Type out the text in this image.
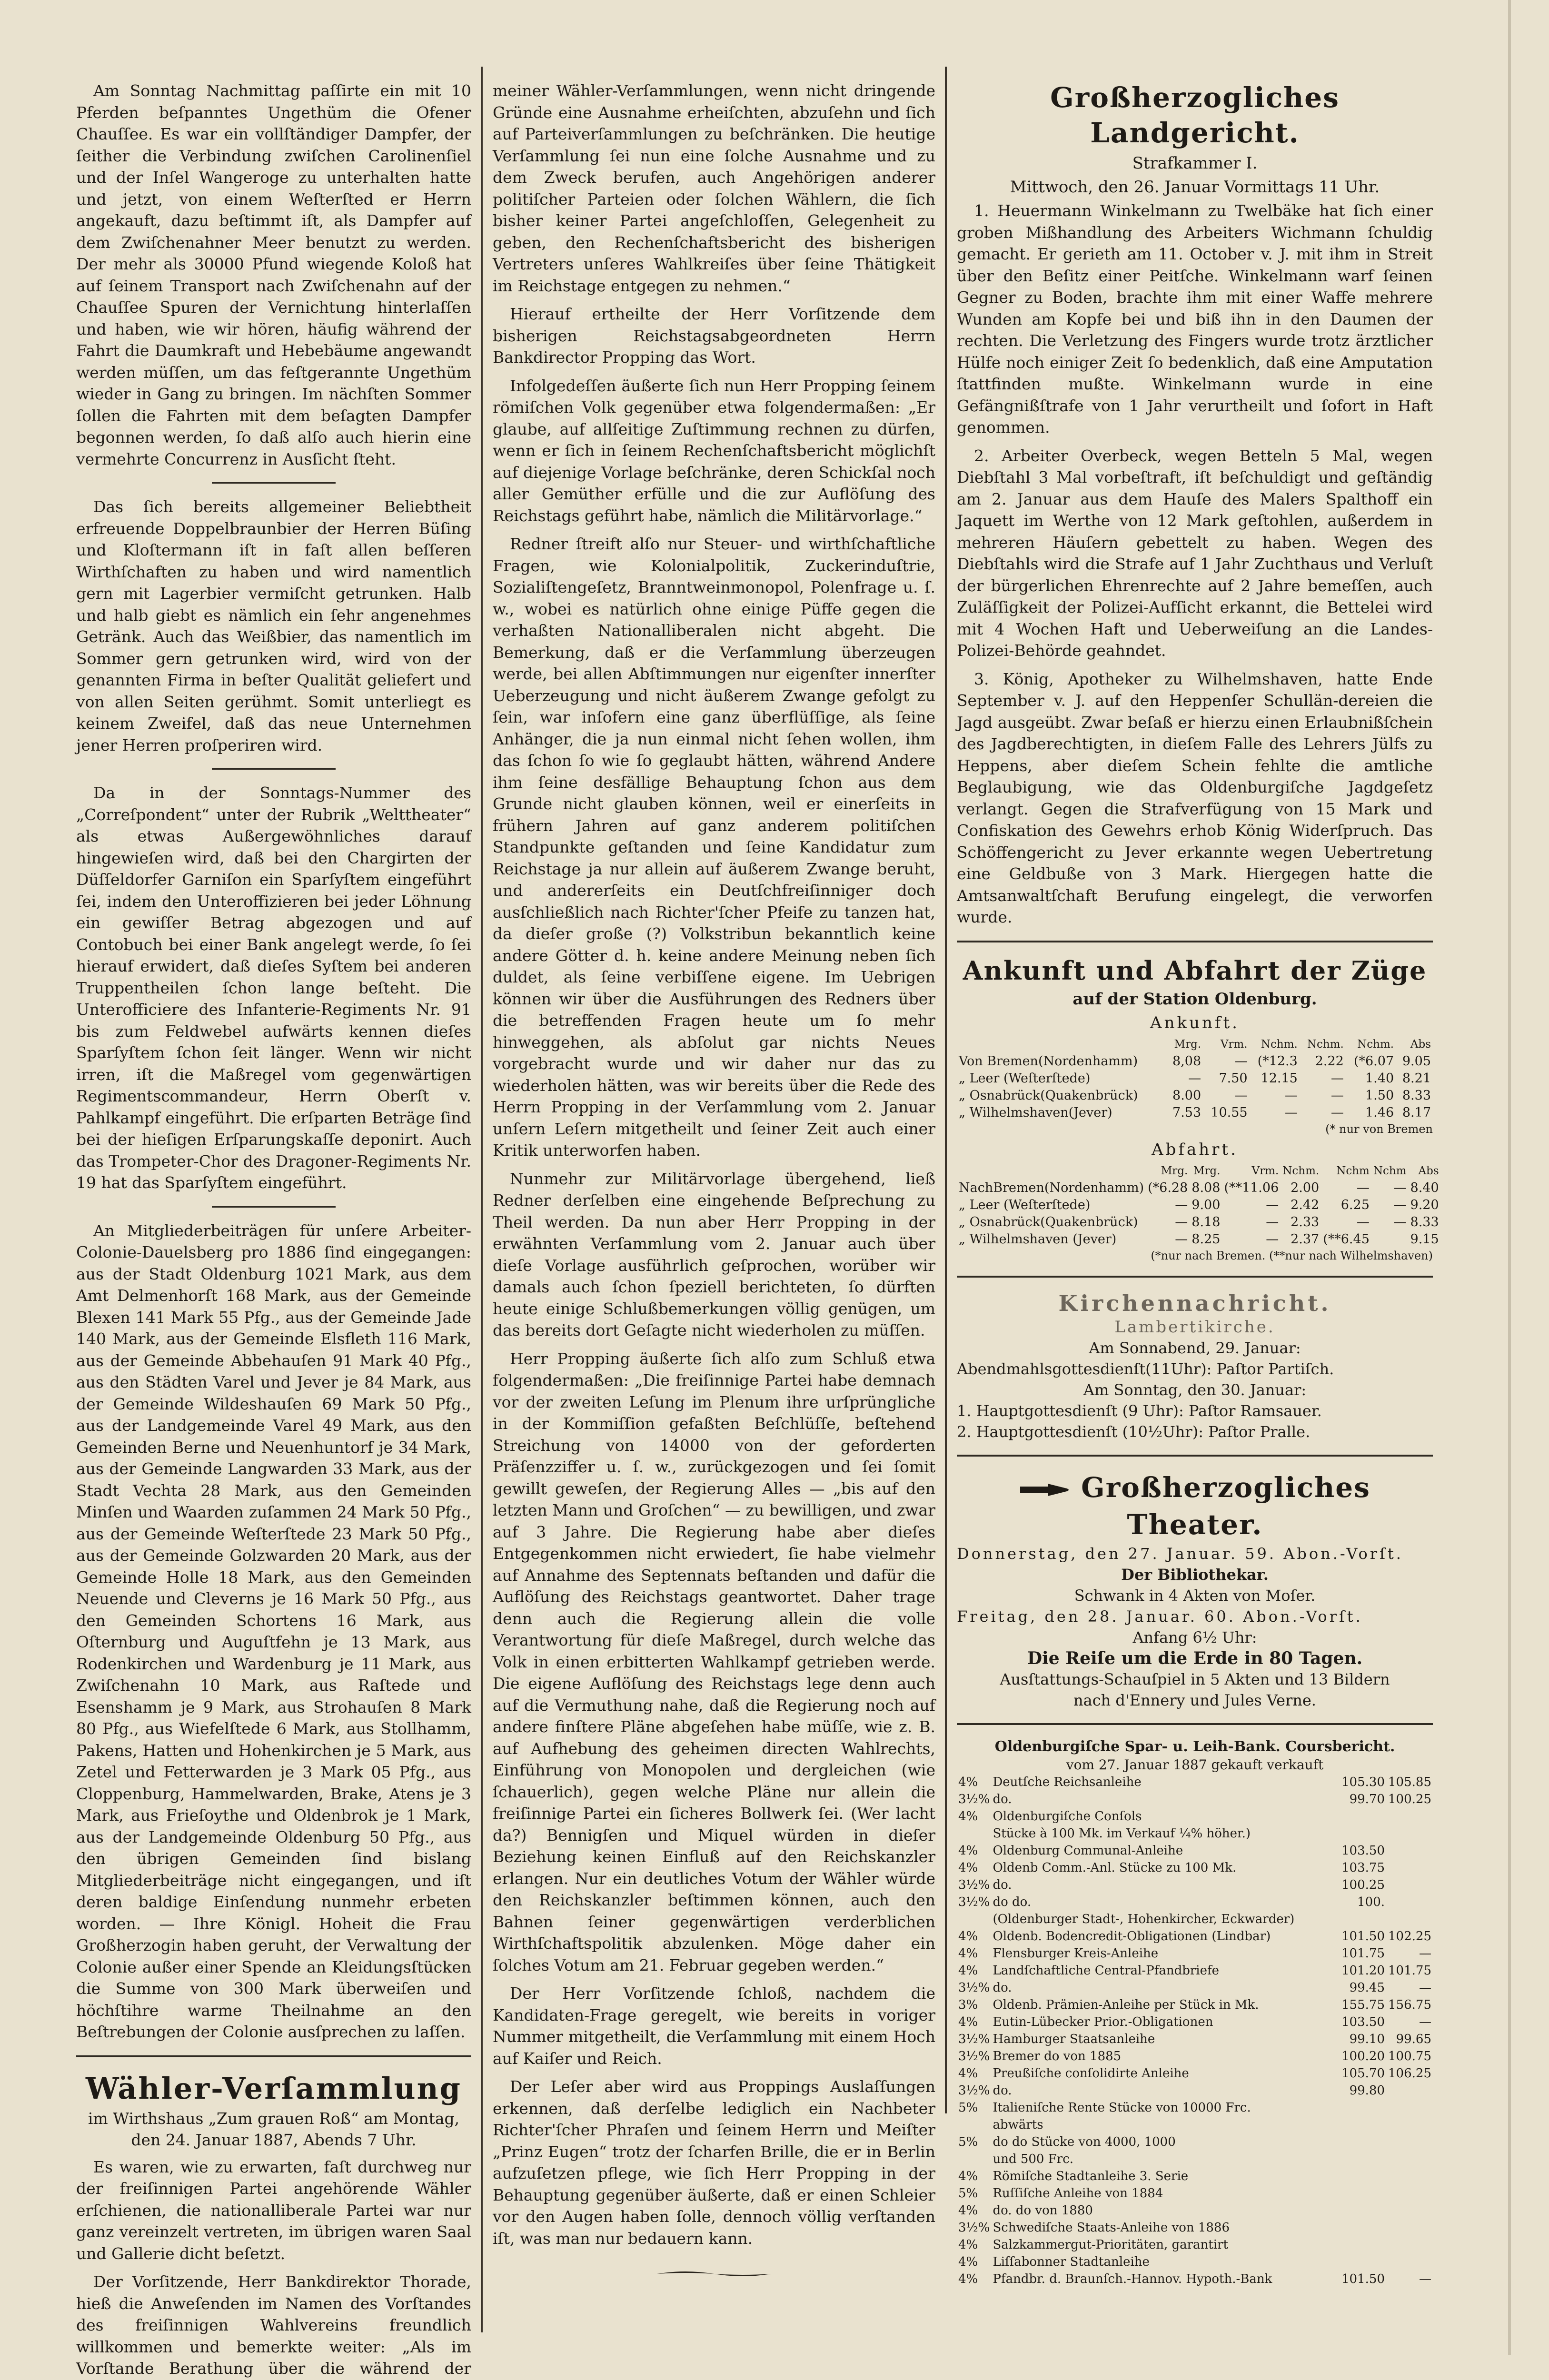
Am Sonntag Nachmittag paſſirte ein mit 10 Pferden beſpanntes Ungethüm die Ofener Chauſſee. Es war ein vollſtändiger Dampfer, der ſeither die Verbindung zwiſchen Carolinenſiel und der Inſel Wangeroge zu unterhalten hatte und jetzt, von einem Weſterſted er Herrn angekauft, dazu beſtimmt iſt, als Dampfer auf dem Zwiſchenahner Meer benutzt zu werden. Der mehr als 30000 Pfund wiegende Koloß hat auf ſeinem Transport nach Zwiſchenahn auf der Chauſſee Spuren der Vernichtung hinterlaſſen und haben, wie wir hören, häufig während der Fahrt die Daumkraft und Hebebäume angewandt werden müſſen, um das feſtgerannte Ungethüm wieder in Gang zu bringen. Im nächſten Sommer ſollen die Fahrten mit dem beſagten Dampfer begonnen werden, ſo daß alſo auch hierin eine vermehrte Concurrenz in Ausſicht ſteht.

Das ſich bereits allgemeiner Beliebtheit erfreuende Doppelbraunbier der Herren Büſing und Kloſtermann iſt in faſt allen beſſeren Wirthſchaften zu haben und wird namentlich gern mit Lagerbier vermiſcht getrunken. Halb und halb giebt es nämlich ein ſehr angenehmes Getränk. Auch das Weißbier, das namentlich im Sommer gern getrunken wird, wird von der genannten Firma in beſter Qualität geliefert und von allen Seiten gerühmt. Somit unterliegt es keinem Zweifel, daß das neue Unternehmen jener Herren proſperiren wird.

Da in der Sonntags-Nummer des „Correſpondent“ unter der Rubrik „Welttheater“ als etwas Außergewöhnliches darauf hingewieſen wird, daß bei den Chargirten der Düſſeldorfer Garniſon ein Sparſyſtem eingeführt ſei, indem den Unteroffizieren bei jeder Löhnung ein gewiſſer Betrag abgezogen und auf Contobuch bei einer Bank angelegt werde, ſo ſei hierauf erwidert, daß dieſes Syſtem bei anderen Truppentheilen ſchon lange beſteht. Die Unterofficiere des Infanterie-Regiments Nr. 91 bis zum Feldwebel aufwärts kennen dieſes Sparſyſtem ſchon ſeit länger. Wenn wir nicht irren, iſt die Maßregel vom gegenwärtigen Regimentscommandeur, Herrn Oberſt v. Pahlkampf eingeführt. Die erſparten Beträge ſind bei der hieſigen Erſparungskaſſe deponirt. Auch das Trompeter-Chor des Dragoner-Regiments Nr. 19 hat das Sparſyſtem eingeführt.

An Mitgliederbeiträgen für unſere Arbeiter-Colonie-Dauelsberg pro 1886 ſind eingegangen: aus der Stadt Oldenburg 1021 Mark, aus dem Amt Delmenhorſt 168 Mark, aus der Gemeinde Blexen 141 Mark 55 Pfg., aus der Gemeinde Jade 140 Mark, aus der Gemeinde Elsfleth 116 Mark, aus der Gemeinde Abbehauſen 91 Mark 40 Pfg., aus den Städten Varel und Jever je 84 Mark, aus der Gemeinde Wildeshauſen 69 Mark 50 Pfg., aus der Landgemeinde Varel 49 Mark, aus den Gemeinden Berne und Neuenhuntorf je 34 Mark, aus der Gemeinde Langwarden 33 Mark, aus der Stadt Vechta 28 Mark, aus den Gemeinden Minſen und Waarden zuſammen 24 Mark 50 Pfg., aus der Gemeinde Weſterſtede 23 Mark 50 Pfg., aus der Gemeinde Golzwarden 20 Mark, aus der Gemeinde Holle 18 Mark, aus den Gemeinden Neuende und Cleverns je 16 Mark 50 Pfg., aus den Gemeinden Schortens 16 Mark, aus Oſternburg und Auguſtfehn je 13 Mark, aus Rodenkirchen und Wardenburg je 11 Mark, aus Zwiſchenahn 10 Mark, aus Raſtede und Esenshamm je 9 Mark, aus Strohauſen 8 Mark 80 Pfg., aus Wiefelſtede 6 Mark, aus Stollhamm, Pakens, Hatten und Hohenkirchen je 5 Mark, aus Zetel und Fetterwarden je 3 Mark 05 Pfg., aus Cloppenburg, Hammelwarden, Brake, Atens je 3 Mark, aus Frieſoythe und Oldenbrok je 1 Mark, aus der Landgemeinde Oldenburg 50 Pfg., aus den übrigen Gemeinden ſind bislang Mitgliederbeiträge nicht eingegangen, und iſt deren baldige Einſendung nunmehr erbeten worden. — Ihre Königl. Hoheit die Frau Großherzogin haben geruht, der Verwaltung der Colonie außer einer Spende an Kleidungsſtücken die Summe von 300 Mark überweiſen und höchſtihre warme Theilnahme an den Beſtrebungen der Colonie ausſprechen zu laſſen.

Wähler-Verſammlung
im Wirthshaus „Zum grauen Roß“ am Montag, den 24. Januar 1887, Abends 7 Uhr.

Es waren, wie zu erwarten, faſt durchweg nur der freiſinnigen Partei angehörende Wähler erſchienen, die nationalliberale Partei war nur ganz vereinzelt vertreten, im übrigen waren Saal und Gallerie dicht beſetzt.

Der Vorſitzende, Herr Bankdirektor Thorade, hieß die Anweſenden im Namen des Vorſtandes des freiſinnigen Wahlvereins freundlich willkommen und bemerkte weiter: „Als im Vorſtande Berathung über die während der

meiner Wähler-Verſammlungen, wenn nicht dringende Gründe eine Ausnahme erheiſchten, abzuſehn und ſich auf Parteiverſammlungen zu beſchränken. Die heutige Verſammlung ſei nun eine ſolche Ausnahme und zu dem Zweck berufen, auch Angehörigen anderer politiſcher Parteien oder ſolchen Wählern, die ſich bisher keiner Partei angeſchloſſen, Gelegenheit zu geben, den Rechenſchaftsbericht des bisherigen Vertreters unſeres Wahlkreiſes über ſeine Thätigkeit im Reichstage entgegen zu nehmen.“

Hierauf ertheilte der Herr Vorſitzende dem bisherigen Reichstagsabgeordneten Herrn Bankdirector Propping das Wort.

Infolgedeſſen äußerte ſich nun Herr Propping ſeinem römiſchen Volk gegenüber etwa folgendermaßen: „Er glaube, auf allſeitige Zuſtimmung rechnen zu dürfen, wenn er ſich in ſeinem Rechenſchaftsbericht möglichſt auf diejenige Vorlage beſchränke, deren Schickſal noch aller Gemüther erfülle und die zur Auflöſung des Reichstags geführt habe, nämlich die Militärvorlage.“

Redner ſtreift alſo nur Steuer- und wirthſchaftliche Fragen, wie Kolonialpolitik, Zuckerinduſtrie, Sozialiſtengeſetz, Branntweinmonopol, Polenfrage u. ſ. w., wobei es natürlich ohne einige Püffe gegen die verhaßten Nationalliberalen nicht abgeht. Die Bemerkung, daß er die Verſammlung überzeugen werde, bei allen Abſtimmungen nur eigenſter innerſter Ueberzeugung und nicht äußerem Zwange gefolgt zu ſein, war inſofern eine ganz überflüſſige, als ſeine Anhänger, die ja nun einmal nicht ſehen wollen, ihm das ſchon ſo wie ſo geglaubt hätten, während Andere ihm ſeine desfällige Behauptung ſchon aus dem Grunde nicht glauben können, weil er einerſeits in frühern Jahren auf ganz anderem politiſchen Standpunkte geſtanden und ſeine Kandidatur zum Reichstage ja nur allein auf äußerem Zwange beruht, und andererſeits ein Deutſchfreiſinniger doch ausſchließlich nach Richter'ſcher Pfeife zu tanzen hat, da dieſer große (?) Volkstribun bekanntlich keine andere Götter d. h. keine andere Meinung neben ſich duldet, als ſeine verbiſſene eigene. Im Uebrigen können wir über die Ausführungen des Redners über die betreffenden Fragen heute um ſo mehr hinweggehen, als abſolut gar nichts Neues vorgebracht wurde und wir daher nur das zu wiederholen hätten, was wir bereits über die Rede des Herrn Propping in der Verſammlung vom 2. Januar unſern Leſern mitgetheilt und ſeiner Zeit auch einer Kritik unterworfen haben.

Nunmehr zur Militärvorlage übergehend, ließ Redner derſelben eine eingehende Beſprechung zu Theil werden. Da nun aber Herr Propping in der erwähnten Verſammlung vom 2. Januar auch über dieſe Vorlage ausführlich geſprochen, worüber wir damals auch ſchon ſpeziell berichteten, ſo dürften heute einige Schlußbemerkungen völlig genügen, um das bereits dort Geſagte nicht wiederholen zu müſſen.

Herr Propping äußerte ſich alſo zum Schluß etwa folgendermaßen: „Die freiſinnige Partei habe demnach vor der zweiten Leſung im Plenum ihre urſprüngliche in der Kommiſſion gefaßten Beſchlüſſe, beſtehend Streichung von 14000 von der geforderten Präſenzziffer u. ſ. w., zurückgezogen und ſei ſomit gewillt geweſen, der Regierung Alles — „bis auf den letzten Mann und Groſchen“ — zu bewilligen, und zwar auf 3 Jahre. Die Regierung habe aber dieſes Entgegenkommen nicht erwiedert, ſie habe vielmehr auf Annahme des Septennats beſtanden und dafür die Auflöſung des Reichstags geantwortet. Daher trage denn auch die Regierung allein die volle Verantwortung für dieſe Maßregel, durch welche das Volk in einen erbitterten Wahlkampf getrieben werde. Die eigene Auflöſung des Reichstags lege denn auch auf die Vermuthung nahe, daß die Regierung noch auf andere finſtere Pläne abgeſehen habe müſſe, wie z. B. auf Aufhebung des geheimen directen Wahlrechts, Einführung von Monopolen und dergleichen (wie ſchauerlich), gegen welche Pläne nur allein die freiſinnige Partei ein ſicheres Bollwerk ſei. (Wer lacht da?) Bennigſen und Miquel würden in dieſer Beziehung keinen Einfluß auf den Reichskanzler erlangen. Nur ein deutliches Votum der Wähler würde den Reichskanzler beſtimmen können, auch den Bahnen ſeiner gegenwärtigen verderblichen Wirthſchaftspolitik abzulenken. Möge daher ein ſolches Votum am 21. Februar gegeben werden.“

Der Herr Vorſitzende ſchloß, nachdem die Kandidaten-Frage geregelt, wie bereits in voriger Nummer mitgetheilt, die Verſammlung mit einem Hoch auf Kaiſer und Reich.

Der Leſer aber wird aus Proppings Auslaſſungen erkennen, daß derſelbe lediglich ein Nachbeter Richter'ſcher Phraſen und ſeinem Herrn und Meiſter „Prinz Eugen“ trotz der ſcharfen Brille, die er in Berlin aufzuſetzen pflege, wie ſich Herr Propping in der Behauptung gegenüber äußerte, daß er einen Schleier vor den Augen haben ſolle, dennoch völlig verſtanden iſt, was man nur bedauern kann.

Großherzogliches Landgericht.
Strafkammer I.
Mittwoch, den 26. Januar Vormittags 11 Uhr.

1. Heuermann Winkelmann zu Twelbäke hat ſich einer groben Mißhandlung des Arbeiters Wichmann ſchuldig gemacht. Er gerieth am 11. October v. J. mit ihm in Streit über den Beſitz einer Peitſche. Winkelmann warf ſeinen Gegner zu Boden, brachte ihm mit einer Waffe mehrere Wunden am Kopfe bei und biß ihn in den Daumen der rechten. Die Verletzung des Fingers wurde trotz ärztlicher Hülfe noch einiger Zeit ſo bedenklich, daß eine Amputation ſtattfinden mußte. Winkelmann wurde in eine Gefängnißſtrafe von 1 Jahr verurtheilt und ſofort in Haft genommen.

2. Arbeiter Overbeck, wegen Betteln 5 Mal, wegen Diebſtahl 3 Mal vorbeſtraft, iſt beſchuldigt und geſtändig am 2. Januar aus dem Hauſe des Malers Spalthoff ein Jaquett im Werthe von 12 Mark geſtohlen, außerdem in mehreren Häuſern gebettelt zu haben. Wegen des Diebſtahls wird die Strafe auf 1 Jahr Zuchthaus und Verluſt der bürgerlichen Ehrenrechte auf 2 Jahre bemeſſen, auch Zuläſſigkeit der Polizei-Aufſicht erkannt, die Bettelei wird mit 4 Wochen Haft und Ueberweiſung an die Landes-Polizei-Behörde geahndet.

3. König, Apotheker zu Wilhelmshaven, hatte Ende September v. J. auf den Heppenſer Schullän-dereien die Jagd ausgeübt. Zwar beſaß er hierzu einen Erlaubnißſchein des Jagdberechtigten, in dieſem Falle des Lehrers Jülfs zu Heppens, aber dieſem Schein fehlte die amtliche Beglaubigung, wie das Oldenburgiſche Jagdgeſetz verlangt. Gegen die Strafverfügung von 15 Mark und Confiskation des Gewehrs erhob König Widerſpruch. Das Schöffengericht zu Jever erkannte wegen Uebertretung eine Geldbuße von 3 Mark. Hiergegen hatte die Amtsanwaltſchaft Berufung eingelegt, die verworfen wurde.

Ankunft und Abfahrt der Züge
auf der Station Oldenburg.
Ankunft.
	Mrg.	Vrm.	Nchm.	Nchm.	Nchm.	Abs
Von Bremen(Nordenhamm)	8,08	—	(*12.3	2.22	(*6.07	9.05
„ Leer (Weſterſtede)	—	7.50	12.15	—	1.40	8.21
„ Osnabrück(Quakenbrück)	8.00	—	—	—	1.50	8.33
„ Wilhelmshaven(Jever)	7.53	10.55	—	—	1.46	8.17
(* nur von Bremen
Abfahrt.
	Mrg.	Mrg.	Vrm.	Nchm.	Nchm	Nchm	Abs
NachBremen(Nordenhamm)	(*6.28	8.08	(**11.06	2.00	—	—	8.40
„ Leer (Weſterſtede)	—	9.00	—	2.42	6.25	—	9.20
„ Osnabrück(Quakenbrück)	—	8.18	—	2.33	—	—	8.33
„ Wilhelmshaven (Jever)	—	8.25	—	2.37	(**6.45		9.15
(*nur nach Bremen. (**nur nach Wilhelmshaven)
Kirchennachricht.
Lambertikirche.
Am Sonnabend, 29. Januar:
Abendmahlsgottesdienſt(11Uhr): Paſtor Partiſch.
Am Sonntag, den 30. Januar:
1. Hauptgottesdienſt (9 Uhr): Paſtor Ramsauer.
2. Hauptgottesdienſt (10½Uhr): Paſtor Pralle.
Großherzogliches Theater.
Donnerstag, den 27. Januar. 59. Abon.-Vorſt.
Der Bibliothekar.
Schwank in 4 Akten von Moſer.
Freitag, den 28. Januar. 60. Abon.-Vorſt.
Anfang 6½ Uhr:
Die Reiſe um die Erde in 80 Tagen.
Ausſtattungs-Schauſpiel in 5 Akten und 13 Bildern
nach d'Ennery und Jules Verne.
Oldenburgiſche Spar- u. Leih-Bank. Coursbericht.
vom 27. Januar 1887 gekauft verkauft
4%	Deutſche Reichsanleihe	105.30	105.85
3½%	do.	99.70	100.25
4%	Oldenburgiſche Conſols		
	Stücke à 100 Mk. im Verkauf ¼% höher.)		
4%	Oldenburg Communal-Anleihe	103.50	
4%	Oldenb Comm.-Anl. Stücke zu 100 Mk.	103.75	
3½%	do.	100.25	
3½%	do do.	100.	
	(Oldenburger Stadt-, Hohenkircher, Eckwarder)		
4%	Oldenb. Bodencredit-Obligationen (Lindbar)	101.50	102.25
4%	Flensburger Kreis-Anleihe	101.75	—
4%	Landſchaftliche Central-Pfandbriefe	101.20	101.75
3½%	do.	99.45	—
3%	Oldenb. Prämien-Anleihe per Stück in Mk.	155.75	156.75
4%	Eutin-Lübecker Prior.-Obligationen	103.50	—
3½%	Hamburger Staatsanleihe	99.10	99.65
3½%	Bremer do von 1885	100.20	100.75
4%	Preußiſche conſolidirte Anleihe	105.70	106.25
3½%	do.	99.80	
5%	Italieniſche Rente Stücke von 10000 Frc.		
	abwärts		
5%	do do Stücke von 4000, 1000		
	und 500 Frc.		
4%	Römiſche Stadtanleihe 3. Serie		
5%	Ruſſiſche Anleihe von 1884		
4%	do. do von 1880		
3½%	Schwediſche Staats-Anleihe von 1886		
4%	Salzkammergut-Prioritäten, garantirt		
4%	Liſſabonner Stadtanleihe		
4%	Pfandbr. d. Braunſch.-Hannov. Hypoth.-Bank	101.50	—
